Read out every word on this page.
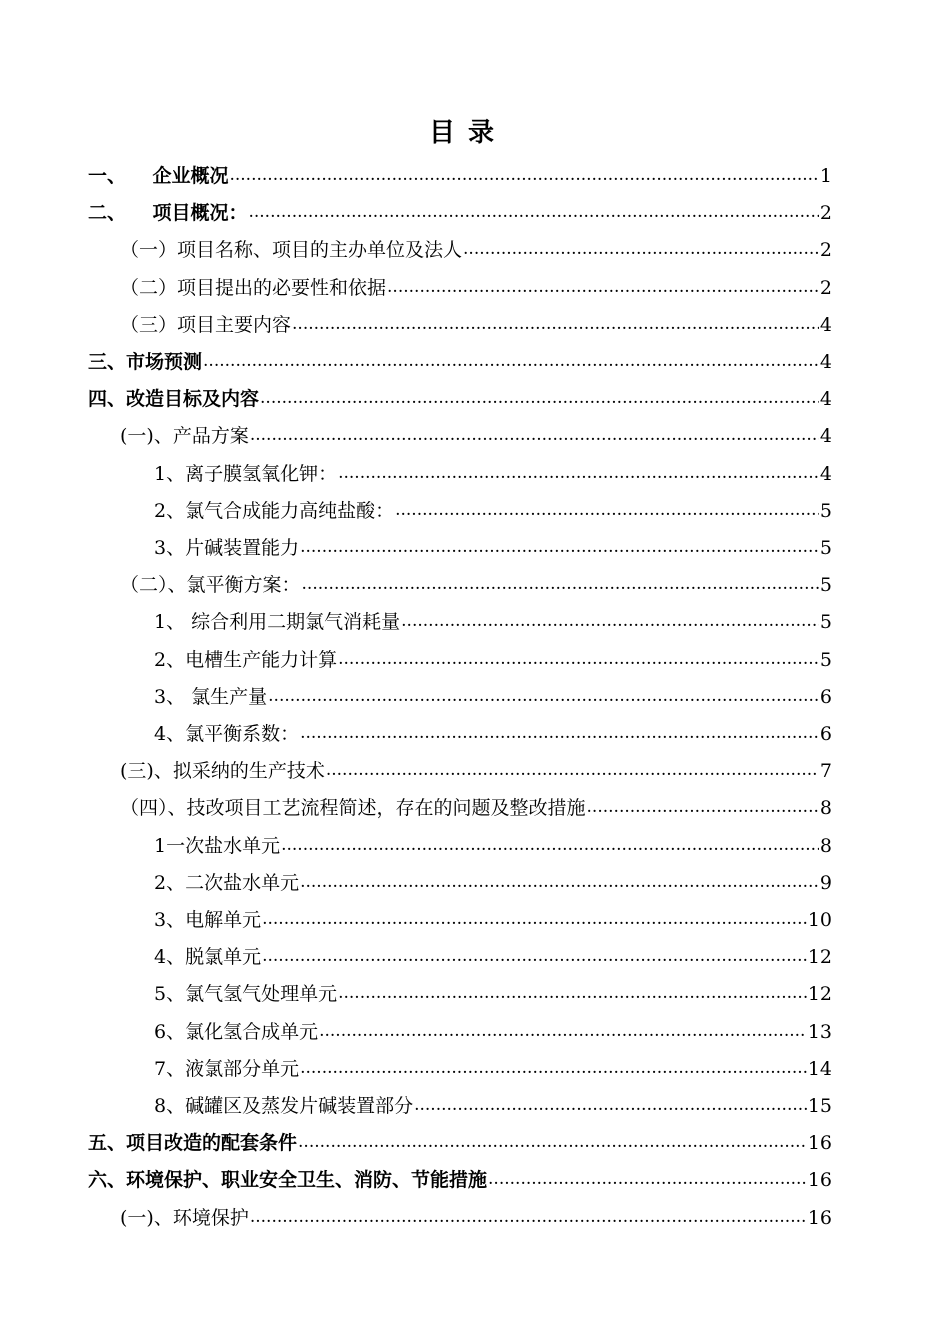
目 录
一、    企业概况 .....	1
二、    项目概况： .....	2
（一）项目名称、项目的主办单位及法人 .....	2
（二）项目提出的必要性和依据 .....	2
（三）项目主要内容 .....	4
三、市场预测 .....	4
四、改造目标及内容 .....	4
(一)、产品方案 .....	4
1、离子膜氢氧化钾： .....	4
2、氯气合成能力高纯盐酸： .....	5
3、片碱装置能力 .....	5
（二）、氯平衡方案： .....	5
1、 综合利用二期氯气消耗量 .....	5
2、电槽生产能力计算 .....	5
3、 氯生产量 .....	6
4、氯平衡系数： .....	6
(三)、拟采纳的生产技术 .....	7
（四）、技改项目工艺流程简述，存在的问题及整改措施 .....	8
1一次盐水单元 .....	8
2、二次盐水单元 .....	9
3、电解单元 .....	10
4、脱氯单元 .....	12
5、氯气氢气处理单元 .....	12
6、氯化氢合成单元 .....	13
7、液氯部分单元 .....	14
8、碱罐区及蒸发片碱装置部分 .....	15
五、项目改造的配套条件 .....	16
六、环境保护、职业安全卫生、消防、节能措施 .....	16
(一)、环境保护 .....	16
